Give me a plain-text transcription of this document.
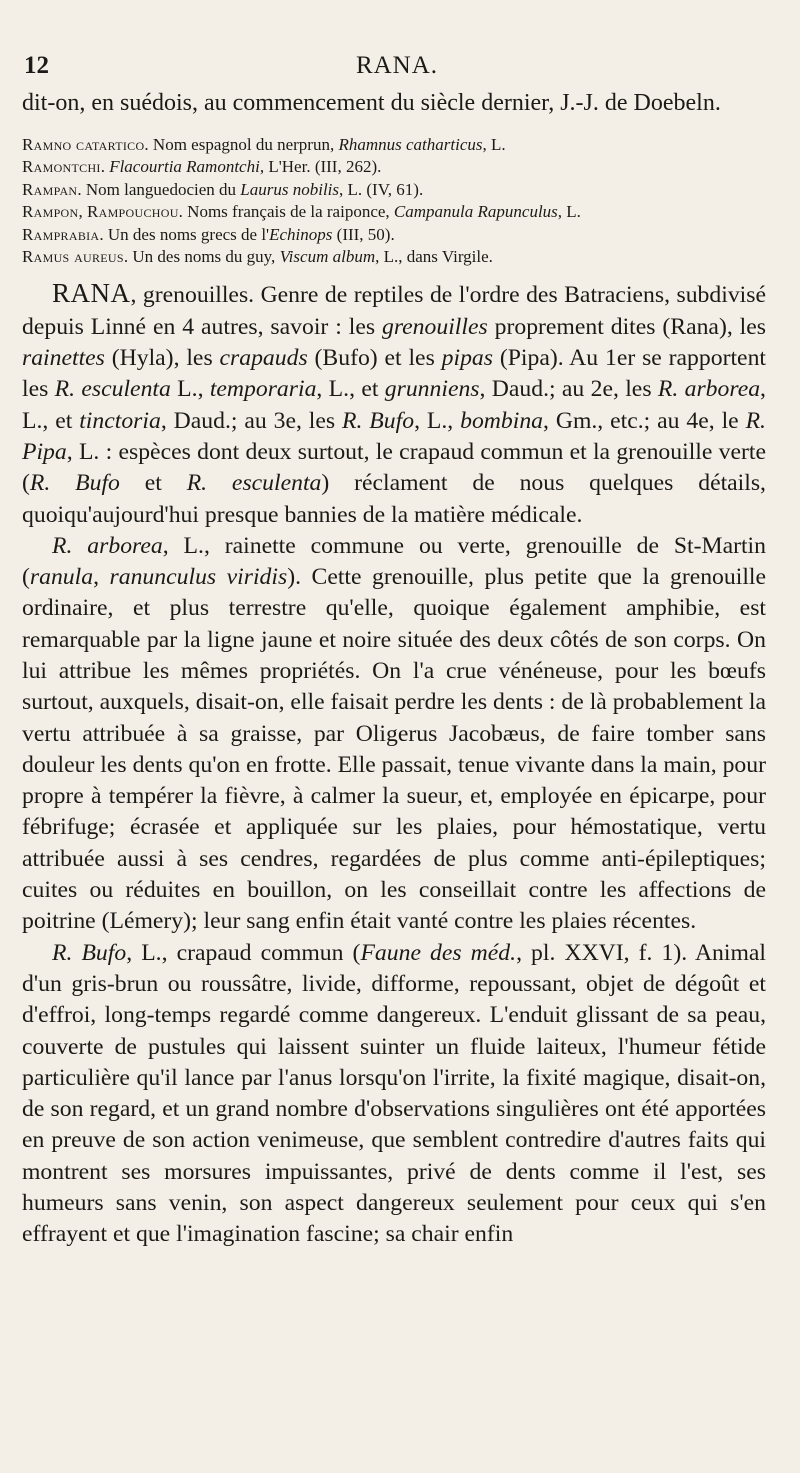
12	RANA.

dit-on, en suédois, au commencement du siècle dernier, J.-J. de Doebeln.

Ramno catartico. Nom espagnol du nerprun, Rhamnus catharticus, L.

Ramontchi. Flacourtia Ramontchi, L'Her. (III, 262).

Rampan. Nom languedocien du Laurus nobilis, L. (IV, 61).

Rampon, Rampouchou. Noms français de la raiponce, Campanula Rapunculus, L.

Ramprabia. Un des noms grecs de l'Echinops (III, 50).

Ramus aureus. Un des noms du guy, Viscum album, L., dans Virgile.

RANA, grenouilles. Genre de reptiles de l'ordre des Batraciens, subdivisé depuis Linné en 4 autres, savoir : les grenouilles proprement dites (Rana), les rainettes (Hyla), les crapauds (Bufo) et les pipas (Pipa). Au 1er se rapportent les R. esculenta L., temporaria, L., et grunniens, Daud.; au 2e, les R. arborea, L., et tinctoria, Daud.; au 3e, les R. Bufo, L., bombina, Gm., etc.; au 4e, le R. Pipa, L. : espèces dont deux surtout, le crapaud commun et la grenouille verte (R. Bufo et R. esculenta) réclament de nous quelques détails, quoiqu'aujourd'hui presque bannies de la matière médicale.

R. arborea, L., rainette commune ou verte, grenouille de St-Martin (ranula, ranunculus viridis). Cette grenouille, plus petite que la grenouille ordinaire, et plus terrestre qu'elle, quoique également amphibie, est remarquable par la ligne jaune et noire située des deux côtés de son corps. On lui attribue les mêmes propriétés. On l'a crue vénéneuse, pour les bœufs surtout, auxquels, disait-on, elle faisait perdre les dents : de là probablement la vertu attribuée à sa graisse, par Oligerus Jacobæus, de faire tomber sans douleur les dents qu'on en frotte. Elle passait, tenue vivante dans la main, pour propre à tempérer la fièvre, à calmer la sueur, et, employée en épicarpe, pour fébrifuge; écrasée et appliquée sur les plaies, pour hémostatique, vertu attribuée aussi à ses cendres, regardées de plus comme anti-épileptiques; cuites ou réduites en bouillon, on les conseillait contre les affections de poitrine (Lémery); leur sang enfin était vanté contre les plaies récentes.

R. Bufo, L., crapaud commun (Faune des méd., pl. XXVI, f. 1). Animal d'un gris-brun ou roussâtre, livide, difforme, repoussant, objet de dégoût et d'effroi, long-temps regardé comme dangereux. L'enduit glissant de sa peau, couverte de pustules qui laissent suinter un fluide laiteux, l'humeur fétide particulière qu'il lance par l'anus lorsqu'on l'irrite, la fixité magique, disait-on, de son regard, et un grand nombre d'observations singulières ont été apportées en preuve de son action venimeuse, que semblent contredire d'autres faits qui montrent ses morsures impuissantes, privé de dents comme il l'est, ses humeurs sans venin, son aspect dangereux seulement pour ceux qui s'en effrayent et que l'imagination fascine; sa chair enfin
